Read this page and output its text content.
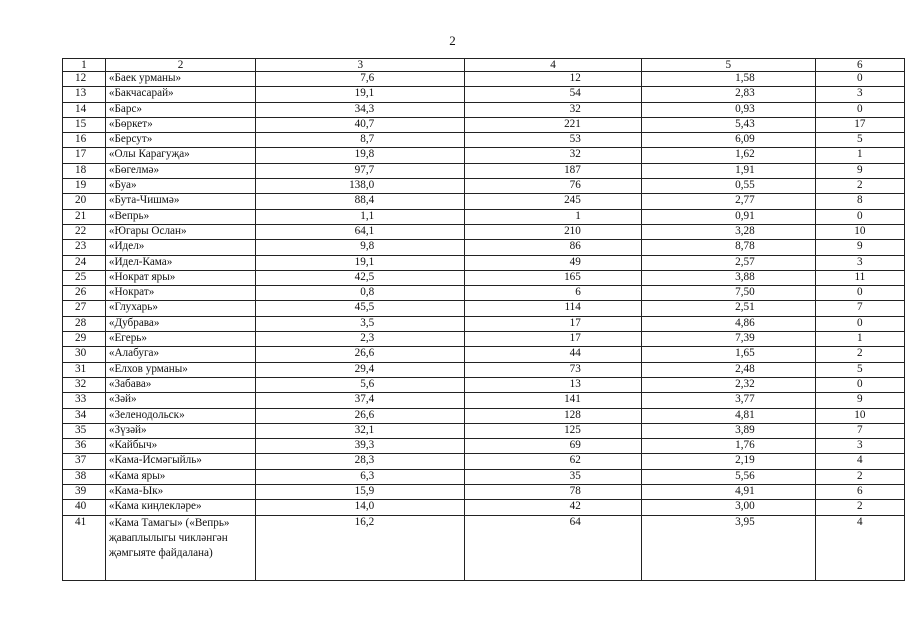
2
1	2	3	4	5	6
12	«Баек урманы»	7,6	12	1,58	0
13	«Бакчасарай»	19,1	54	2,83	3
14	«Барс»	34,3	32	0,93	0
15	«Бөркет»	40,7	221	5,43	17
16	«Берсут»	8,7	53	6,09	5
17	«Олы Карагуҗа»	19,8	32	1,62	1
18	«Бөгелмә»	97,7	187	1,91	9
19	«Буа»	138,0	76	0,55	2
20	«Бута-Чишмә»	88,4	245	2,77	8
21	«Вепрь»	1,1	1	0,91	0
22	«Югары Ослан»	64,1	210	3,28	10
23	«Идел»	9,8	86	8,78	9
24	«Идел-Кама»	19,1	49	2,57	3
25	«Нократ яры»	42,5	165	3,88	11
26	«Нократ»	0,8	6	7,50	0
27	«Глухарь»	45,5	114	2,51	7
28	«Дубрава»	3,5	17	4,86	0
29	«Егерь»	2,3	17	7,39	1
30	«Алабуга»	26,6	44	1,65	2
31	«Елхов урманы»	29,4	73	2,48	5
32	«Забава»	5,6	13	2,32	0
33	«Зәй»	37,4	141	3,77	9
34	«Зеленодольск»	26,6	128	4,81	10
35	«Зүзәй»	32,1	125	3,89	7
36	«Кайбыч»	39,3	69	1,76	3
37	«Кама-Исмәгыйль»	28,3	62	2,19	4
38	«Кама яры»	6,3	35	5,56	2
39	«Кама-Ык»	15,9	78	4,91	6
40	«Кама киңлекләре»	14,0	42	3,00	2
41	«Кама Тамагы» («Вепрь» җаваплылыгы чикләнгән җәмгыяте файдалана)	16,2	64	3,95	4
